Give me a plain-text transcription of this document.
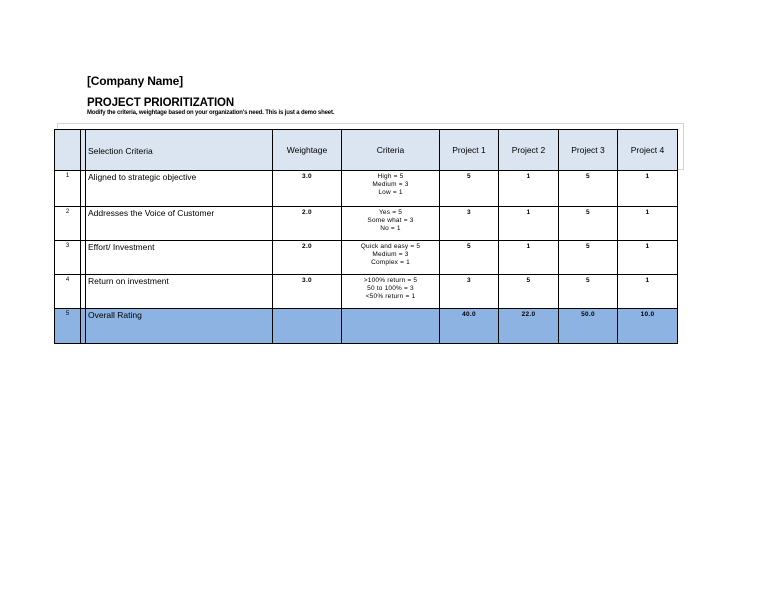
[Company Name]
PROJECT PRIORITIZATION
Modify the criteria, weightage based on your organization's need. This is just a demo sheet.
		Selection Criteria	Weightage	Criteria	Project 1	Project 2	Project 3	Project 4
1		Aligned to strategic objective	3.0	High = 5
Medium = 3
Low = 1	5	1	5	1
2		Addresses the Voice of Customer	2.0	Yes = 5
Some what = 3
No = 1	3	1	5	1
3		Effort/ Investment	2.0	Quick and easy = 5
Medium = 3
Complex = 1	5	1	5	1
4		Return on investment	3.0	>100% return = 5
50 to 100% = 3
<50% return = 1	3	5	5	1
5		Overall Rating			40.0	22.0	50.0	10.0
